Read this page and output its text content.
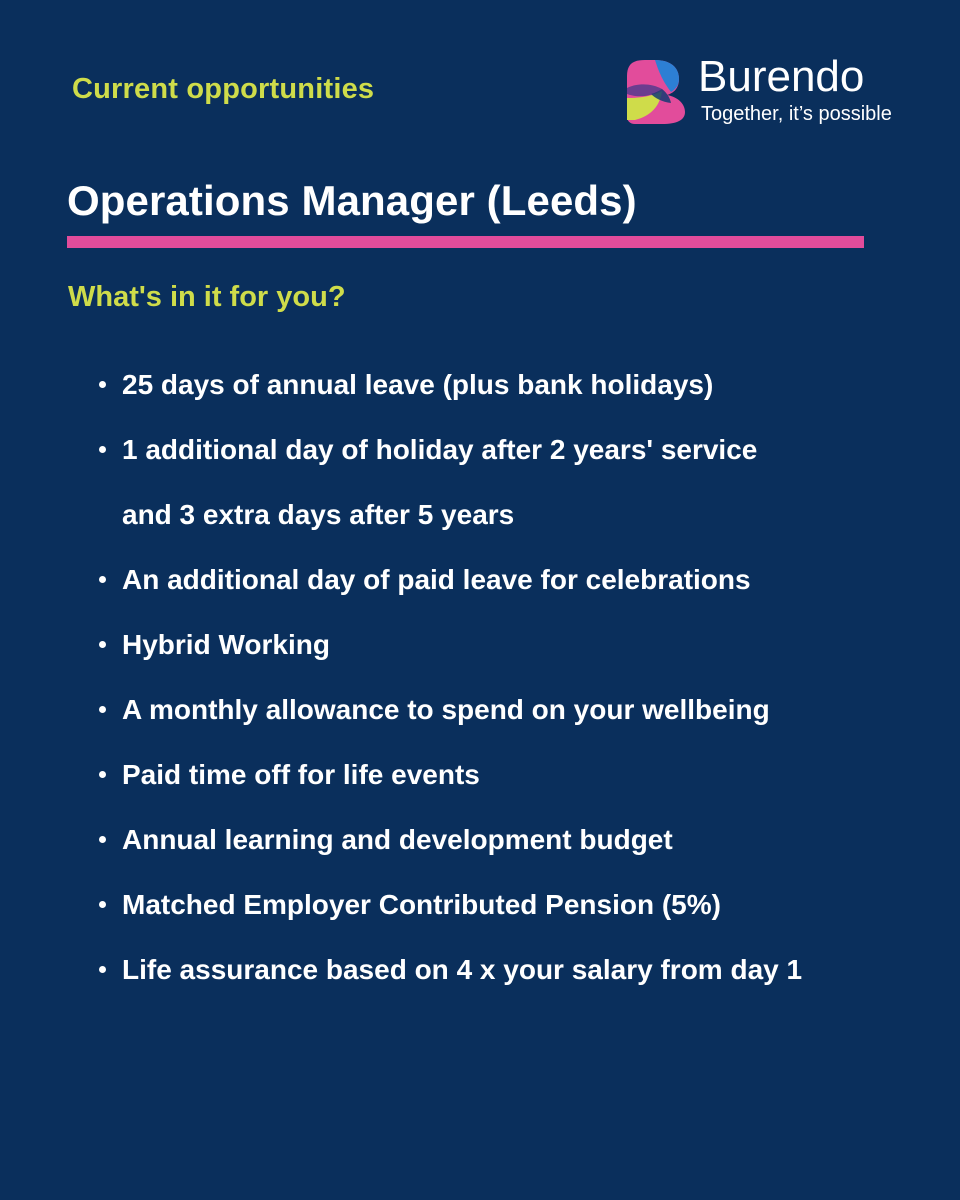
Current opportunities	Burendo
Together, it’s possible
Operations Manager (Leeds)
What's in it for you?
25 days of annual leave (plus bank holidays)
1 additional day of holiday after 2 years' service
and 3 extra days after 5 years
An additional day of paid leave for celebrations
Hybrid Working
A monthly allowance to spend on your wellbeing
Paid time off for life events
Annual learning and development budget
Matched Employer Contributed Pension (5%)
Life assurance based on 4 x your salary from day 1
